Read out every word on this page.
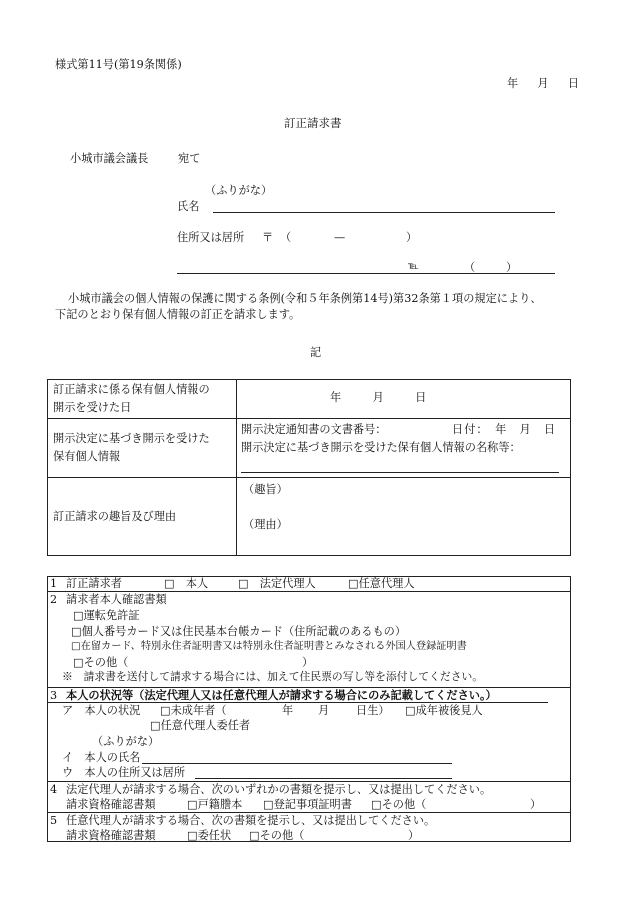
様式第11号(第19条関係)
年　月　日
訂正請求書
小城市議会議長	宛て
（ふりがな）
氏名
住所又は居所 〒 （	—	）
℡	（	）
小城市議会の個人情報の保護に関する条例(令和５年条例第14号)第32条第１項の規定により、
下記のとおり保有個人情報の訂正を請求します。
記
訂正請求に係る保有個人情報の
開示を受けた日
年　　月　　日
開示決定に基づき開示を受けた
保有個人情報
開示決定通知書の文書番号：	日付：　年　月　日
開示決定に基づき開示を受けた保有個人情報の名称等：
訂正請求の趣旨及び理由
（趣旨）
（理由）
1 訂正請求者	□　本人	□　法定代理人	□任意代理人
2 請求者本人確認書類
□運転免許証
□個人番号カード又は住民基本台帳カード（住所記載のあるもの）
□在留カード、特別永住者証明書又は特別永住者証明書とみなされる外国人登録証明書
□その他（	）
※　請求書を送付して請求する場合には、加えて住民票の写し等を添付してください。
3 本人の状況等（法定代理人又は任意代理人が請求する場合にのみ記載してください。）
ア　本人の状況 □未成年者（	年 月 日生） □成年被後見人
□任意代理人委任者
（ふりがな）
イ　本人の氏名
ウ　本人の住所又は居所
4 法定代理人が請求する場合、次のいずれかの書類を提示し、又は提出してください。
請求資格確認書類	□戸籍謄本 □登記事項証明書 □その他（	）
5 任意代理人が請求する場合、次の書類を提示し、又は提出してください。
請求資格確認書類	□委任状 □その他（	）
